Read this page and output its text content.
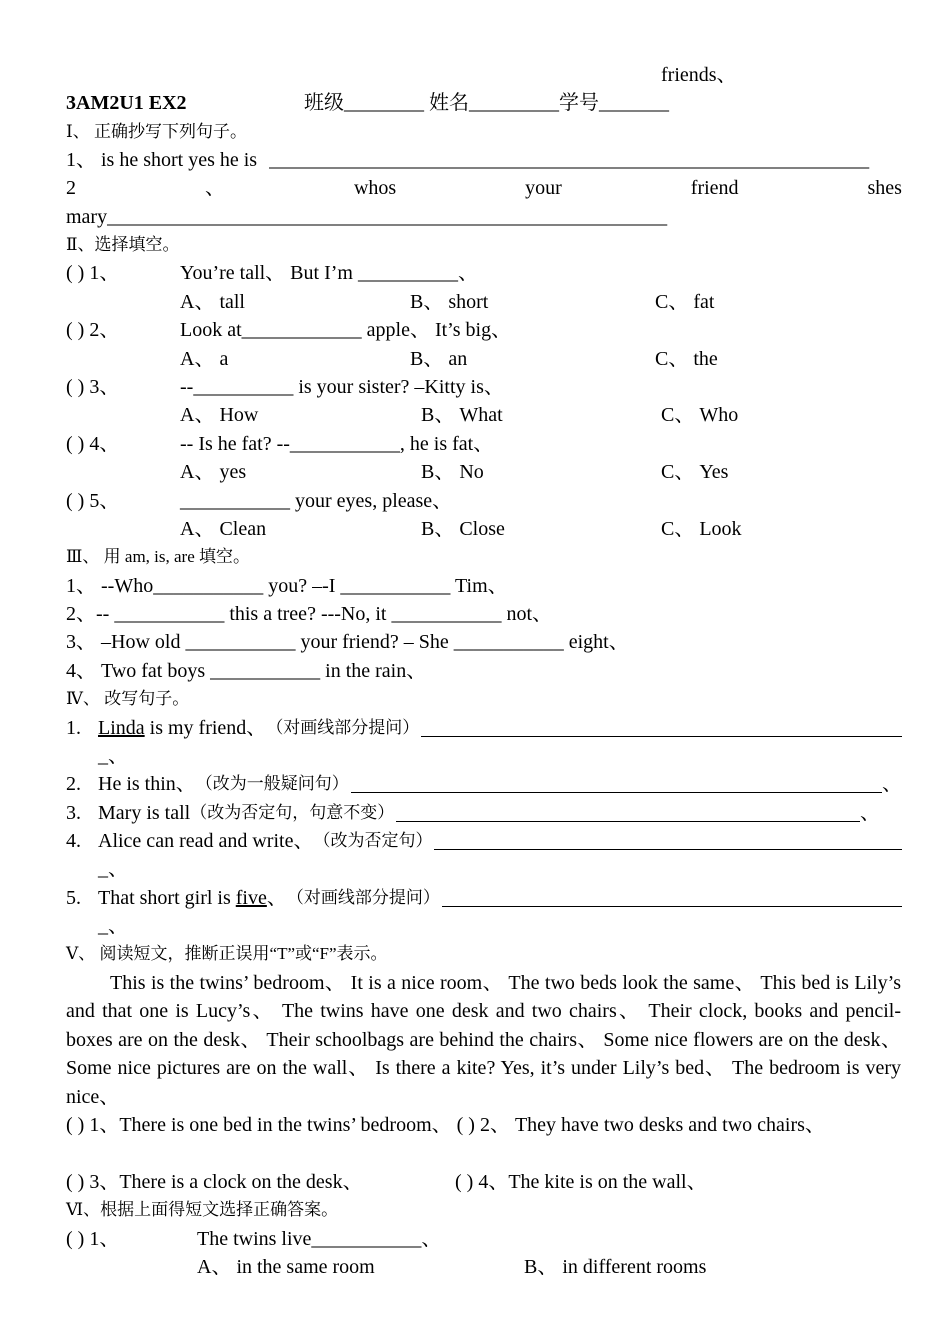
friends、
3AM2U1 EX2	班级________ 姓名_________学号_______
Ⅰ、 正确抄写下列句子。
1、 is he short yes he is ____________________________________________________________
2	、	whos	your	friend	shes
mary________________________________________________________
Ⅱ、选择填空。
( ) 1、	You’re tall、 But I’m __________、
A、 tall	B、 short	C、 fat
( ) 2、	Look at____________ apple、 It’s big、
A、 a	B、 an	C、 the
( ) 3、	--__________ is your sister? –Kitty is、
A、 How	B、 What	C、 Who
( ) 4、	-- Is he fat? --___________, he is fat、
A、 yes	B、 No	C、 Yes
( ) 5、	___________ your eyes, please、
A、 Clean	B、 Close	C、 Look
Ⅲ、 用 am, is, are 填空。
1、 --Who___________ you? –-I ___________ Tim、
2、-- ___________ this a tree? ---No, it ___________ not、
3、 –How old ___________ your friend? – She ___________ eight、
4、 Two fat boys ___________ in the rain、
Ⅳ、 改写句子。
1. Linda is my friend、 （对画线部分提问）
_、
2. He is thin、 （改为一般疑问句）	、
3. Mary is tall （改为否定句，句意不变）	、
4. Alice can read and write、 （改为否定句）
_、
5. That short girl is five 、 （对画线部分提问）
_、
Ⅴ、 阅读短文，推断正误用“T”或“F”表示。

This is the twins’ bedroom、 It is a nice room、 The two beds look the same、 This bed is Lily’s and that one is Lucy’s、 The twins have one desk and two chairs、 Their clock, books and pencil-boxes are on the desk、 Their schoolbags are behind the chairs、 Some nice flowers are on the desk、 Some nice pictures are on the wall、 Is there a kite? Yes, it’s under Lily’s bed、 The bedroom is very nice、

( ) 1、There is one bed in the twins’ bedroom、 ( ) 2、 They have two desks and two chairs、
( ) 3、There is a clock on the desk、	( ) 4、The kite is on the wall、
Ⅵ、根据上面得短文选择正确答案。
( ) 1、	The twins live___________、
A、 in the same room	B、 in different rooms
